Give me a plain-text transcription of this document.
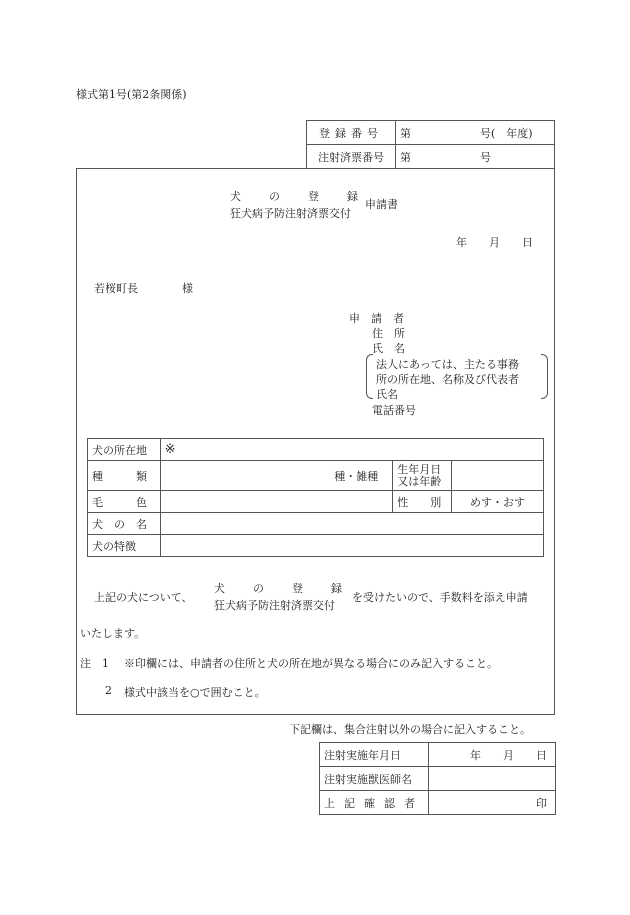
様式第1号(第2条関係)
登録番号	第 号(　年度)
注射済票番号	第 号
犬　の　登　録
狂犬病予防注射済票交付
申請書
年　　月　　日
若桜町長　　　　様
申　請　者
住　所
氏　名
法人にあっては、主たる事務
所の所在地、名称及び代表者
氏名
電話番号
犬の所在地	※		
種　　　類	種・雑種	生年月日
又は年齢	

毛　　　色		性　　別	めす・おす
犬　の　名			
犬の特徴			
上記の犬について、
犬　の　登　録
狂犬病予防注射済票交付
を受けたいので、手数料を添え申請
いたします。
注　1 ※印欄には、申請者の住所と犬の所在地が異なる場合にのみ記入すること。
2 様式中該当を○で囲むこと。
下記欄は、集合注射以外の場合に記入すること。
注射実施年月日	年　　月　　日
注射実施獣医師名	
上記確認者	印
